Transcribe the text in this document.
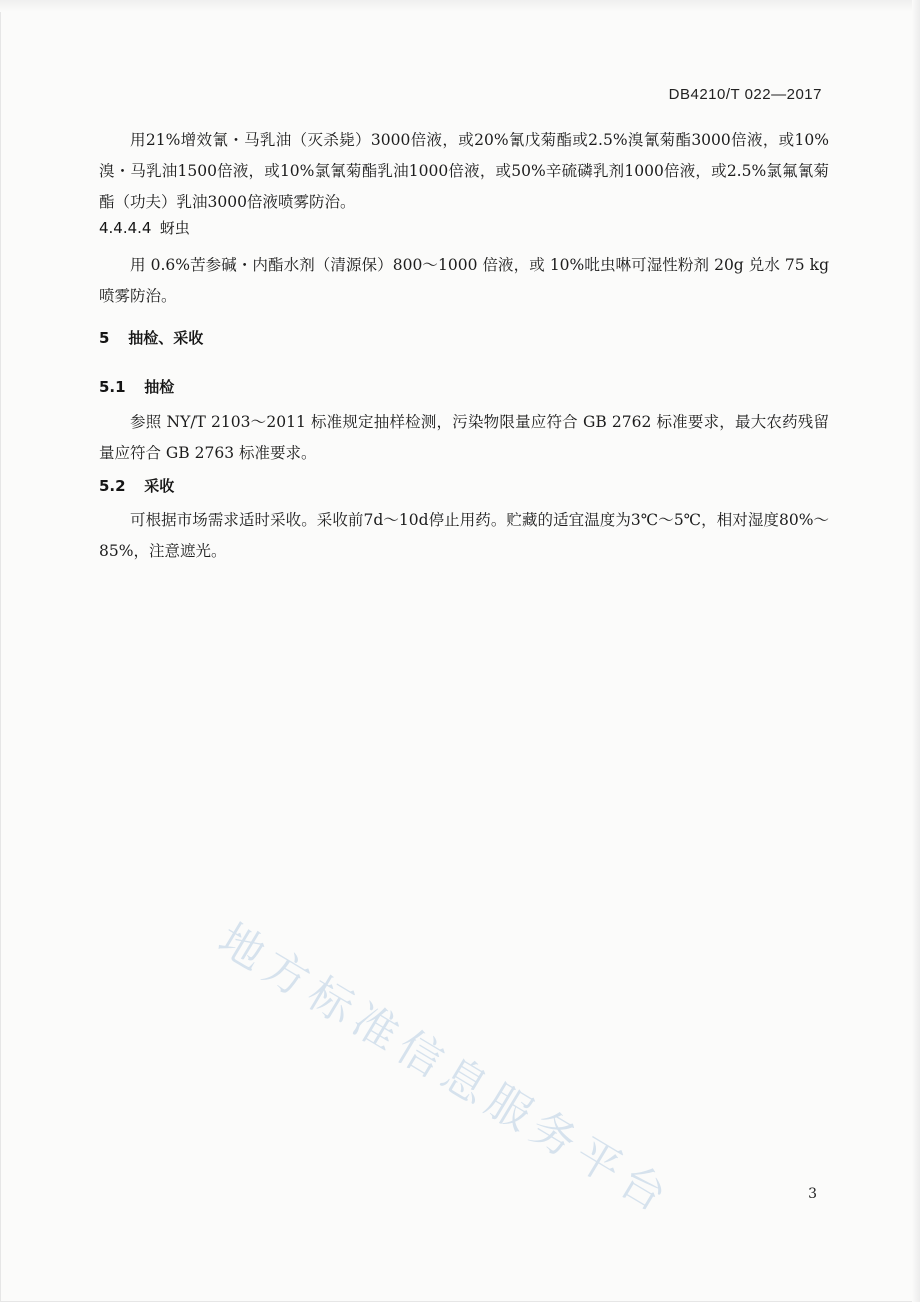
DB4210/T 022—2017

用21%增效氰・马乳油（灭杀毙）3000倍液，或20%氰戊菊酯或2.5%溴氰菊酯3000倍液，或10%溴・马乳油1500倍液，或10%氯氰菊酯乳油1000倍液，或50%辛硫磷乳剂1000倍液，或2.5%氯氟氰菊酯（功夫）乳油3000倍液喷雾防治。

4.4.4.4 蚜虫

用 0.6%苦参碱・内酯水剂（清源保）800～1000 倍液，或 10%吡虫啉可湿性粉剂 20g 兑水 75 kg喷雾防治。

5 抽检、采收
5.1 抽检

参照 NY/T 2103～2011 标准规定抽样检测，污染物限量应符合 GB 2762 标准要求，最大农药残留量应符合 GB 2763 标准要求。

5.2 采收

可根据市场需求适时采收。采收前7d～10d停止用药。贮藏的适宜温度为3℃～5℃，相对湿度80%～85%，注意遮光。

地方标准信息服务平台	3
